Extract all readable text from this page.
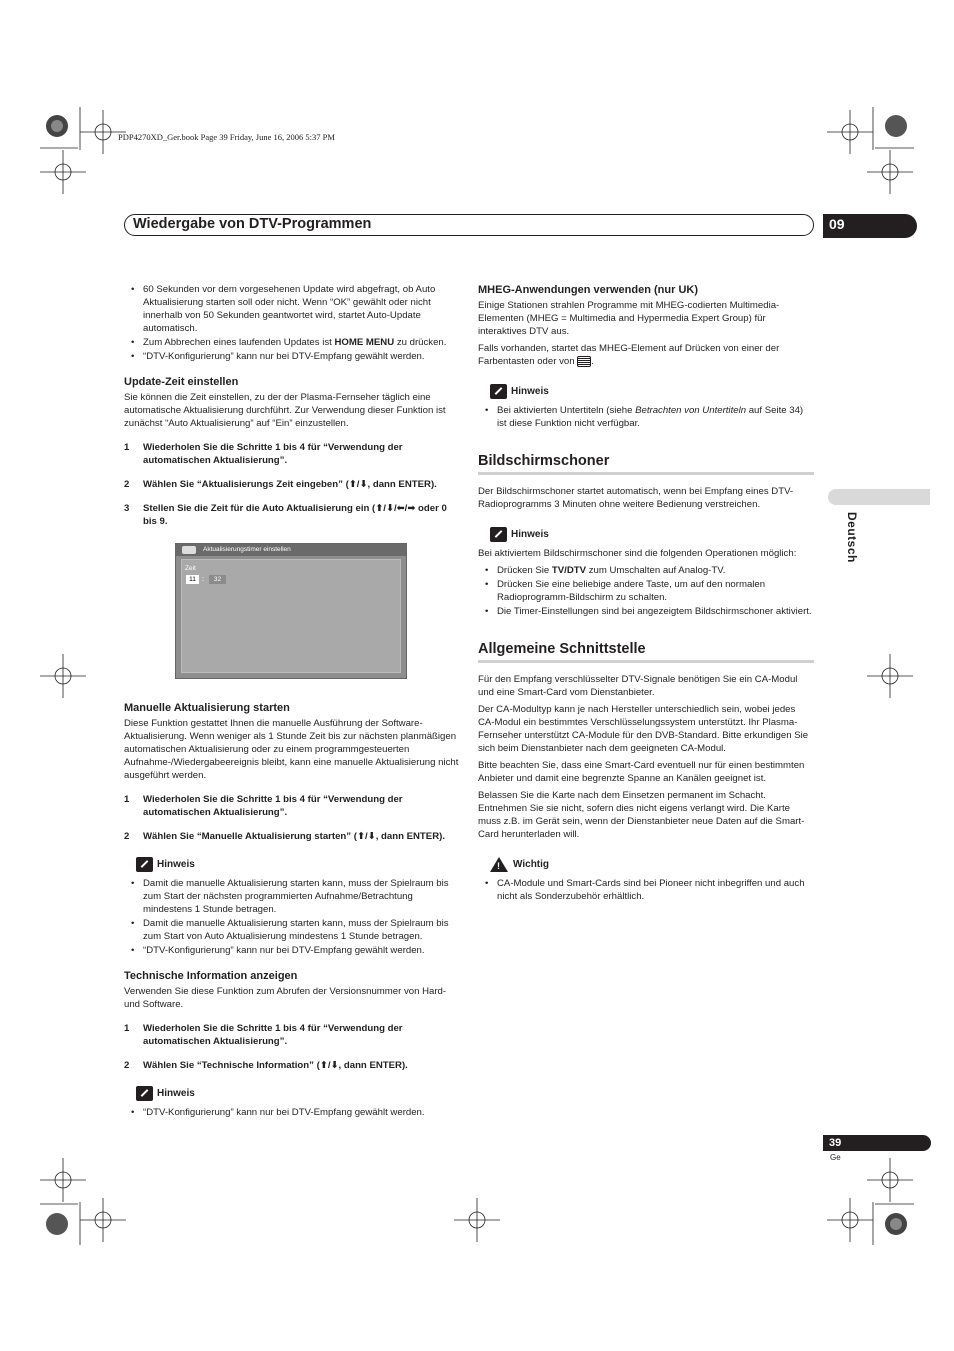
PDP4270XD_Ger.book Page 39 Friday, June 16, 2006 5:37 PM
Wiedergabe von DTV-Programmen	09
Deutsch
• 60 Sekunden vor dem vorgesehenen Update wird abgefragt, ob Auto Aktualisierung starten soll oder nicht. Wenn “OK” gewählt oder nicht innerhalb von 50 Sekunden geantwortet wird, startet Auto-Update automatisch.
• Zum Abbrechen eines laufenden Updates ist HOME MENU zu drücken.
• “DTV-Konfigurierung” kann nur bei DTV-Empfang gewählt werden.
Update-Zeit einstellen

Sie können die Zeit einstellen, zu der der Plasma-Fernseher täglich eine automatische Aktualisierung durchführt. Zur Verwendung dieser Funktion ist zunächst “Auto Aktualisierung” auf “Ein” einzustellen.

1 Wiederholen Sie die Schritte 1 bis 4 für “Verwendung der automatischen Aktualisierung”.
2 Wählen Sie “Aktualisierungs Zeit eingeben” (⬆/⬇, dann ENTER).
3 Stellen Sie die Zeit für die Auto Aktualisierung ein (⬆/⬇/⬅/➡ oder 0 bis 9.
Aktualisierungstimer einstellen
Zeit
11 :	32
Manuelle Aktualisierung starten

Diese Funktion gestattet Ihnen die manuelle Ausführung der Software-Aktualisierung. Wenn weniger als 1 Stunde Zeit bis zur nächsten planmäßigen automatischen Aktualisierung oder zu einem programmgesteuerten Aufnahme-/Wiedergabeereignis bleibt, kann eine manuelle Aktualisierung nicht ausgeführt werden.

1 Wiederholen Sie die Schritte 1 bis 4 für “Verwendung der automatischen Aktualisierung”.
2 Wählen Sie “Manuelle Aktualisierung starten” (⬆/⬇, dann ENTER).
Hinweis
• Damit die manuelle Aktualisierung starten kann, muss der Spielraum bis zum Start der nächsten programmierten Aufnahme/Betrachtung mindestens 1 Stunde betragen.
• Damit die manuelle Aktualisierung starten kann, muss der Spielraum bis zum Start von Auto Aktualisierung mindestens 1 Stunde betragen.
• “DTV-Konfigurierung” kann nur bei DTV-Empfang gewählt werden.
Technische Information anzeigen

Verwenden Sie diese Funktion zum Abrufen der Versionsnummer von Hard- und Software.

1 Wiederholen Sie die Schritte 1 bis 4 für “Verwendung der automatischen Aktualisierung”.
2 Wählen Sie “Technische Information” (⬆/⬇, dann ENTER).
Hinweis
• “DTV-Konfigurierung” kann nur bei DTV-Empfang gewählt werden.
MHEG-Anwendungen verwenden (nur UK)

Einige Stationen strahlen Programme mit MHEG-codierten Multimedia-Elementen (MHEG = Multimedia and Hypermedia Expert Group) für interaktives DTV aus.

Falls vorhanden, startet das MHEG-Element auf Drücken von einer der Farbentasten oder von .

Hinweis
• Bei aktivierten Untertiteln (siehe Betrachten von Untertiteln auf Seite 34) ist diese Funktion nicht verfügbar.
Bildschirmschoner

Der Bildschirmschoner startet automatisch, wenn bei Empfang eines DTV-Radioprogramms 3 Minuten ohne weitere Bedienung verstreichen.

Hinweis

Bei aktiviertem Bildschirmschoner sind die folgenden Operationen möglich:

• Drücken Sie TV/DTV zum Umschalten auf Analog-TV.
• Drücken Sie eine beliebige andere Taste, um auf den normalen Radioprogramm-Bildschirm zu schalten.
• Die Timer-Einstellungen sind bei angezeigtem Bildschirmschoner aktiviert.
Allgemeine Schnittstelle

Für den Empfang verschlüsselter DTV-Signale benötigen Sie ein CA-Modul und eine Smart-Card vom Dienstanbieter.

Der CA-Modultyp kann je nach Hersteller unterschiedlich sein, wobei jedes CA-Modul ein bestimmtes Verschlüsselungssystem unterstützt. Ihr Plasma-Fernseher unterstützt CA-Module für den DVB-Standard. Bitte erkundigen Sie sich beim Dienstanbieter nach dem geeigneten CA-Modul.

Bitte beachten Sie, dass eine Smart-Card eventuell nur für einen bestimmten Anbieter und damit eine begrenzte Spanne an Kanälen geeignet ist.

Belassen Sie die Karte nach dem Einsetzen permanent im Schacht. Entnehmen Sie sie nicht, sofern dies nicht eigens verlangt wird. Die Karte muss z.B. im Gerät sein, wenn der Dienstanbieter neue Daten auf die Smart-Card herunterladen will.

!
Wichtig
• CA-Module und Smart-Cards sind bei Pioneer nicht inbegriffen und auch nicht als Sonderzubehör erhältlich.
39
Ge
